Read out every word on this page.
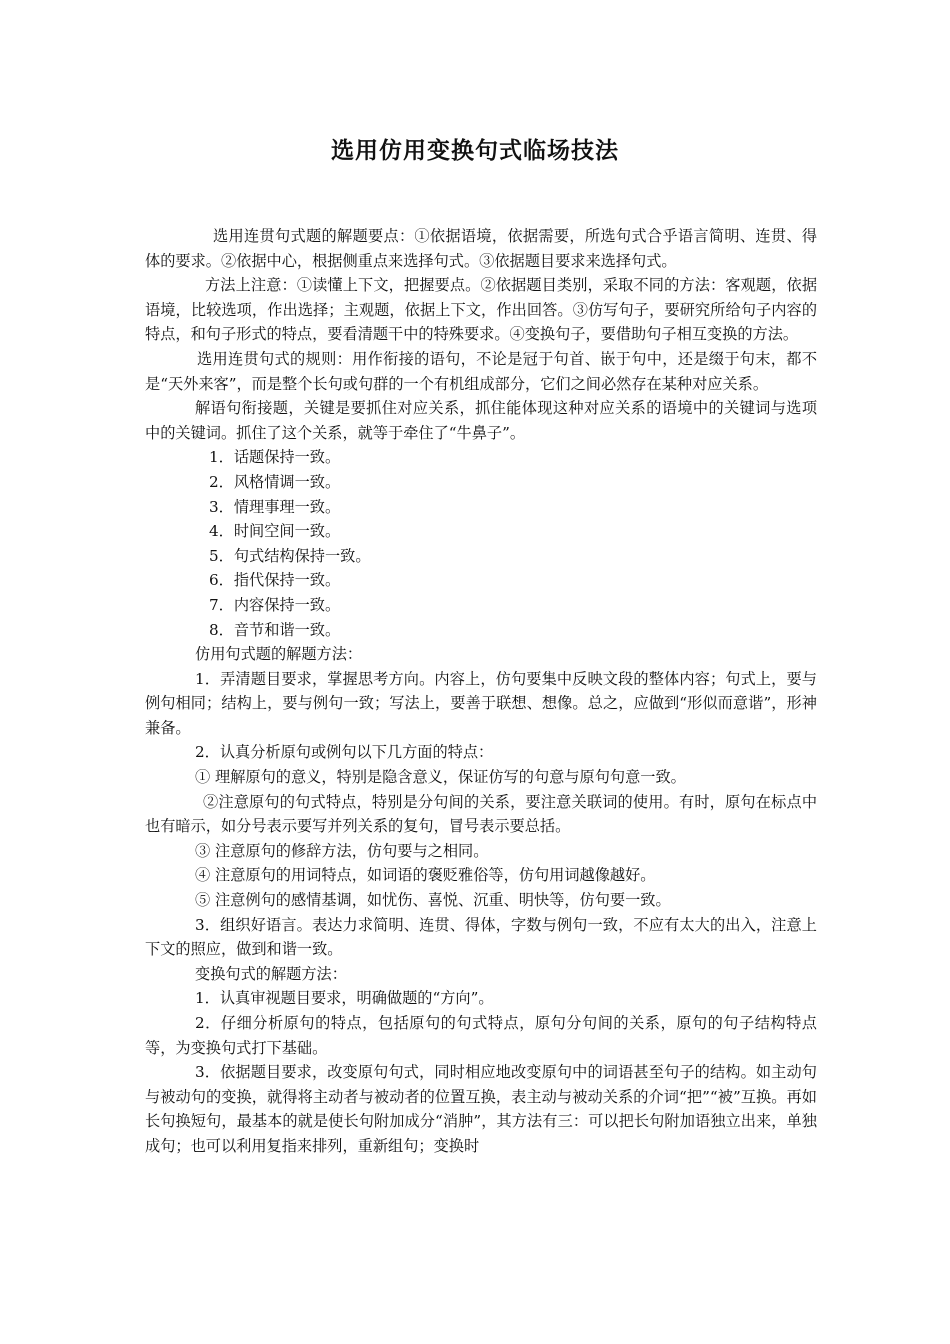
选用仿用变换句式临场技法

选用连贯句式题的解题要点：①依据语境，依据需要，所选句式合乎语言简明、连贯、得体的要求。②依据中心，根据侧重点来选择句式。③依据题目要求来选择句式。

方法上注意：①读懂上下文，把握要点。②依据题目类别，采取不同的方法：客观题，依据语境，比较选项，作出选择；主观题，依据上下文，作出回答。③仿写句子，要研究所给句子内容的特点，和句子形式的特点，要看清题干中的特殊要求。④变换句子，要借助句子相互变换的方法。

选用连贯句式的规则：用作衔接的语句，不论是冠于句首、嵌于句中，还是缀于句末，都不是“天外来客”，而是整个长句或句群的一个有机组成部分，它们之间必然存在某种对应关系。

解语句衔接题，关键是要抓住对应关系，抓住能体现这种对应关系的语境中的关键词与选项中的关键词。抓住了这个关系，就等于牵住了“牛鼻子”。

1．话题保持一致。
2．风格情调一致。
3．情理事理一致。
4．时间空间一致。
5．句式结构保持一致。
6．指代保持一致。
7．内容保持一致。
8．音节和谐一致。

仿用句式题的解题方法：

1．弄清题目要求，掌握思考方向。内容上，仿句要集中反映文段的整体内容；句式上，要与例句相同；结构上，要与例句一致；写法上，要善于联想、想像。总之，应做到“形似而意谐”，形神兼备。

2．认真分析原句或例句以下几方面的特点：

① 理解原句的意义，特别是隐含意义，保证仿写的句意与原句句意一致。

②注意原句的句式特点，特别是分句间的关系，要注意关联词的使用。有时，原句在标点中也有暗示，如分号表示要写并列关系的复句，冒号表示要总括。

③ 注意原句的修辞方法，仿句要与之相同。

④ 注意原句的用词特点，如词语的褒贬雅俗等，仿句用词越像越好。

⑤ 注意例句的感情基调，如忧伤、喜悦、沉重、明快等，仿句要一致。

3．组织好语言。表达力求简明、连贯、得体，字数与例句一致，不应有太大的出入，注意上下文的照应，做到和谐一致。

变换句式的解题方法：

1．认真审视题目要求，明确做题的“方向”。

2．仔细分析原句的特点，包括原句的句式特点，原句分句间的关系，原句的句子结构特点等，为变换句式打下基础。

3．依据题目要求，改变原句句式，同时相应地改变原句中的词语甚至句子的结构。如主动句与被动句的变换，就得将主动者与被动者的位置互换，表主动与被动关系的介词“把”“被”互换。再如长句换短句，最基本的就是使长句附加成分“消肿”，其方法有三：可以把长句附加语独立出来，单独成句；也可以利用复指来排列，重新组句；变换时
